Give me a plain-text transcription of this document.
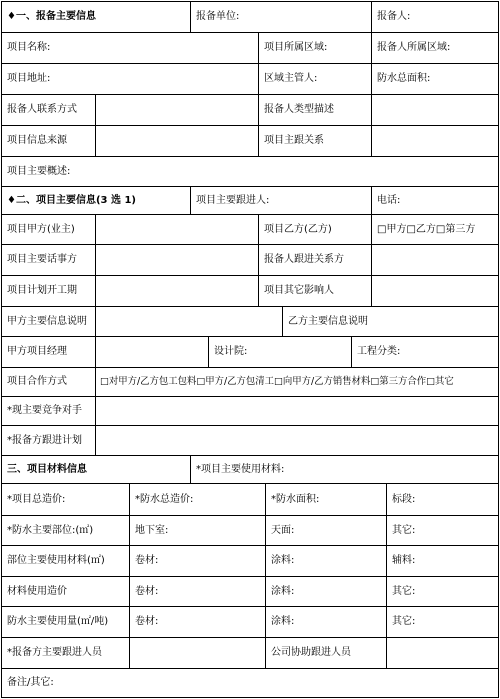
♦一、报备主要信息	报备单位:	报备人:
项目名称:	项目所属区域:	报备人所属区域:
项目地址:	区域主管人:	防水总面积:
报备人联系方式	报备人类型描述
项目信息来源	项目主跟关系
项目主要概述:
♦二、项目主要信息(3 选 1)	项目主要跟进人:	电话:
项目甲方(业主)	项目乙方(乙方)	□甲方□乙方□第三方
项目主要话事方	报备人跟进关系方
项目计划开工期	项目其它影响人
甲方主要信息说明	乙方主要信息说明
甲方项目经理	设计院:	工程分类:
项目合作方式	□对甲方/乙方包工包料□甲方/乙方包清工□向甲方/乙方销售材料□第三方合作□其它
*现主要竞争对手
*报备方跟进计划
三、项目材料信息	*项目主要使用材料:
*项目总造价:	*防水总造价:	*防水面积:	标段:
*防水主要部位:(㎡)	地下室:	天面:	其它:
部位主要使用材料(㎡)	卷材:	涂料:	辅料:
材料使用造价	卷材:	涂料:	其它:
防水主要使用量(㎡/吨)	卷材:	涂料:	其它:
*报备方主要跟进人员	公司协助跟进人员
备注/其它:
